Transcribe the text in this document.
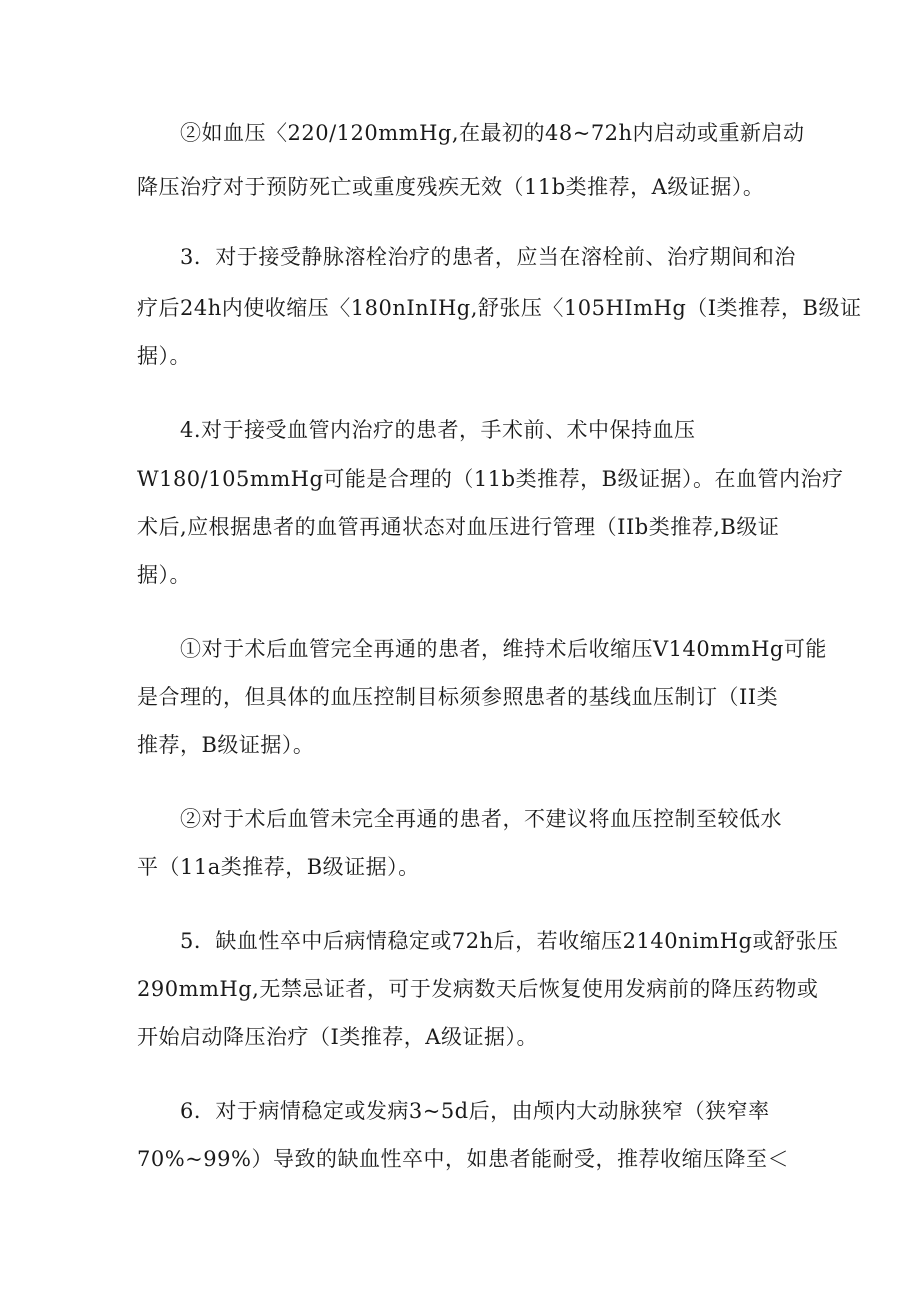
②如血压〈220/120mmHg,在最初的48~72h内启动或重新启动
降压治疗对于预防死亡或重度残疾无效（11b类推荐，A级证据）。
3．对于接受静脉溶栓治疗的患者，应当在溶栓前、治疗期间和治
疗后24h内使收缩压〈180nInIHg,舒张压〈105HImHg（I类推荐，B级证
据）。
4.对于接受血管内治疗的患者，手术前、术中保持血压
W180/105mmHg可能是合理的（11b类推荐，B级证据）。在血管内治疗
术后,应根据患者的血管再通状态对血压进行管理（IIb类推荐,B级证
据）。
①对于术后血管完全再通的患者，维持术后收缩压V140mmHg可能
是合理的，但具体的血压控制目标须参照患者的基线血压制订（II类
推荐，B级证据）。
②对于术后血管未完全再通的患者，不建议将血压控制至较低水
平（11a类推荐，B级证据）。
5．缺血性卒中后病情稳定或72h后，若收缩压2140nimHg或舒张压
290mmHg,无禁忌证者，可于发病数天后恢复使用发病前的降压药物或
开始启动降压治疗（I类推荐，A级证据）。
6．对于病情稳定或发病3~5d后，由颅内大动脉狭窄（狭窄率
70%~99%）导致的缺血性卒中，如患者能耐受，推荐收缩压降至＜
